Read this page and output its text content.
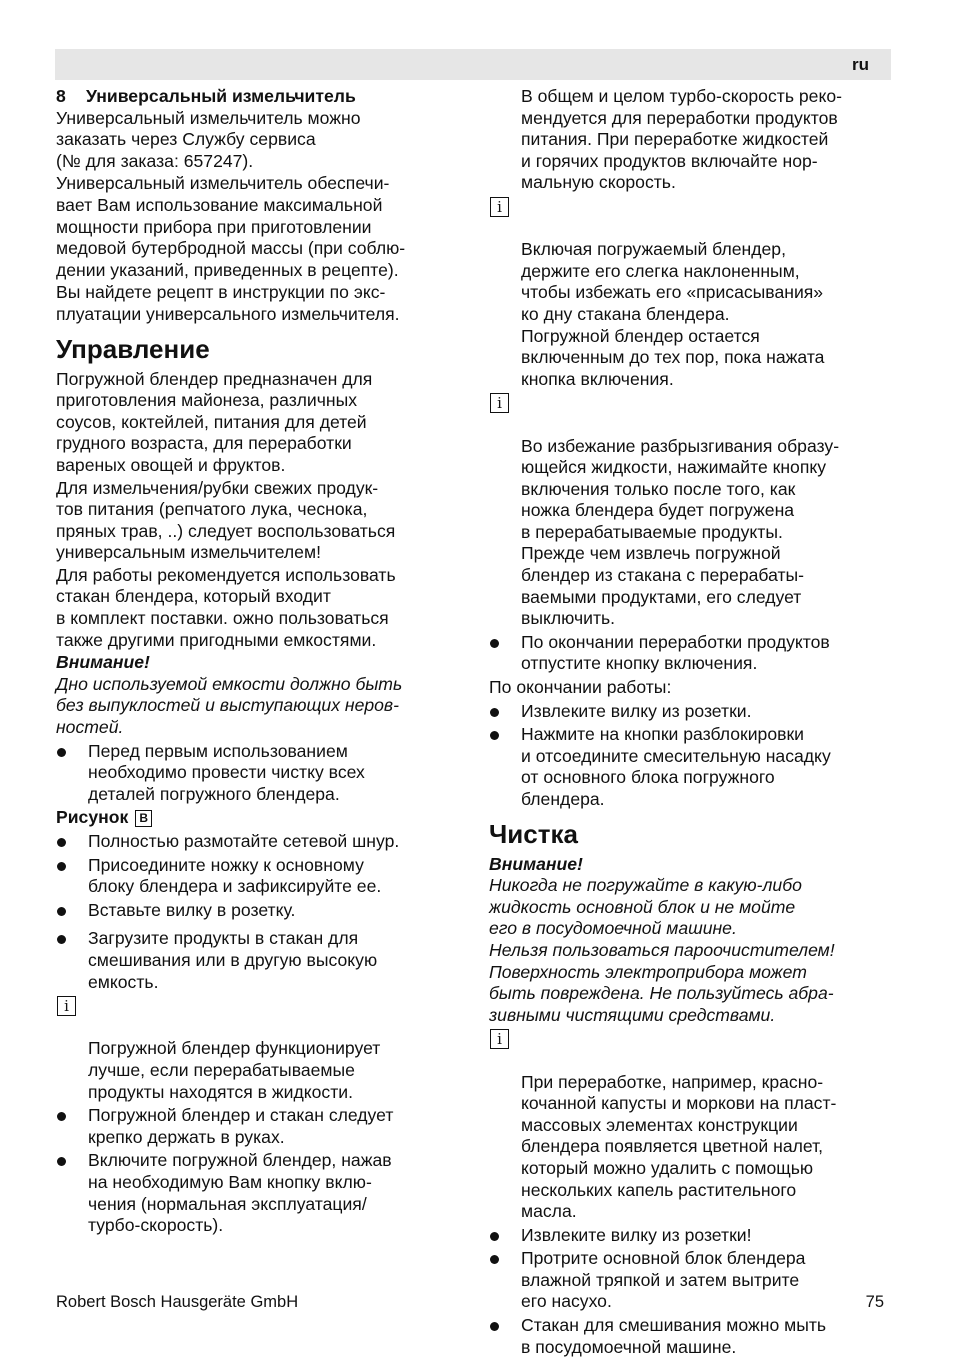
ru

8 Универсальный измельчитель

Универсальный измельчитель можно
заказать через Службу сервиса
(№ для заказа: 657247).

Универсальный измельчитель обеспечи-
вает Вам использование максимальной
мощности прибора при приготовлении
медовой бутербродной массы (при соблю-
дении указаний, приведенных в рецепте).

Вы найдете рецепт в инструкции по экс-
плуатации универсального измельчителя.

Управление

Погружной блендер предназначен для
приготовления майонеза, различных
соусов, коктейлей, питания для детей
грудного возраста, для переработки
вареных овощей и фруктов.

Для измельчения/рубки свежих продук-
тов питания (репчатого лука, чеснока,
пряных трав, ..) следует воспользоваться
универсальным измельчителем!

Для работы рекомендуется использовать
стакан блендера, который входит
в комплект поставки. ожно пользоваться
также другими пригодными емкостями.

Внимание!

Дно используемой емкости должно быть
без выпуклостей и выступающих неров-
ностей.

Перед первым использованием
необходимо провести чистку всех
деталей погружного блендера.

Рисунок B

Полностью размотайте сетевой шнур.

Присоедините ножку к основному
блоку блендера и зафиксируйте ее.

Вставьте вилку в розетку.

Загрузите продукты в стакан для
смешивания или в другую высокую
емкость.

i

Погружной блендер функционирует
лучше, если перерабатываемые
продукты находятся в жидкости.

Погружной блендер и стакан следует
крепко держать в руках.

Включите погружной блендер, нажав
на необходимую Вам кнопку вклю-
чения (нормальная эксплуатация/
турбо-скорость).

В общем и целом турбо-скорость реко-
мендуется для переработки продуктов
питания. При переработке жидкостей
и горячих продуктов включайте нор-
мальную скорость.

i

Включая погружаемый блендер,
держите его слегка наклоненным,
чтобы избежать его «присасывания»
ко дну стакана блендера.
Погружной блендер остается
включенным до тех пор, пока нажата
кнопка включения.

i

Во избежание разбрызгивания образу-
ющейся жидкости, нажимайте кнопку
включения только после того, как
ножка блендера будет погружена
в перерабатываемые продукты.
Прежде чем извлечь погружной
блендер из стакана с перерабаты-
ваемыми продуктами, его следует
выключить.

По окончании переработки продуктов
отпустите кнопку включения.

По окончании работы:

Извлеките вилку из розетки.

Нажмите на кнопки разблокировки
и отсоедините смесительную насадку
от основного блока погружного
блендера.

Чистка

Внимание!

Никогда не погружайте в какую-либо
жидкость основной блок и не мойте
его в посудомоечной машине.

Нельзя пользоваться пароочистителем!

Поверхность электроприбора может
быть повреждена. Не пользуйтесь абра-
зивными чистящими средствами.

i

При переработке, например, красно-
кочанной капусты и моркови на пласт-
массовых элементах конструкции
блендера появляется цветной налет,
который можно удалить с помощью
нескольких капель растительного
масла.

Извлеките вилку из розетки!

Протрите основной блок блендера
влажной тряпкой и затем вытрите
его насухо.

Стакан для смешивания можно мыть
в посудомоечной машине.

Robert Bosch Hausgeräte GmbH	75
